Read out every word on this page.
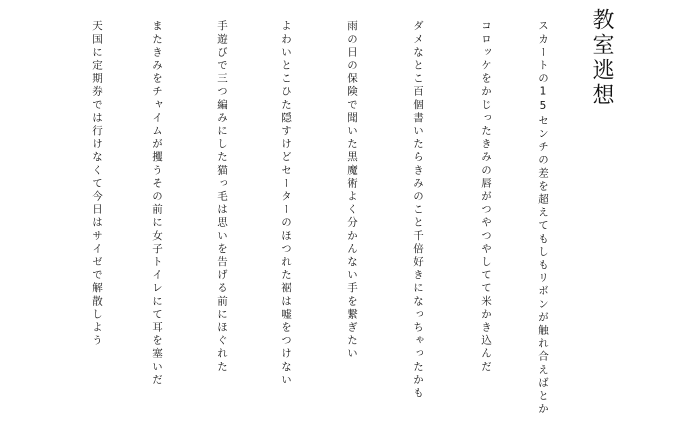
教室逃想
スカートの15センチの差を超えてもしもリボンが触れ合えばとか
コロッケをかじったきみの唇がつやつやしてて米かき込んだ
ダメなとこ百個書いたらきみのこと千倍好きになっちゃったかも
雨の日の保険で聞いた黒魔術よく分かんない手を繋ぎたい
よわいとこひた隠すけどセーターのほつれた裾は嘘をつけない
手遊びで三つ編みにした猫っ毛は思いを告げる前にほぐれた
またきみをチャイムが攫うその前に女子トイレにて耳を塞いだ
天国に定期券では行けなくて今日はサイゼで解散しよう
